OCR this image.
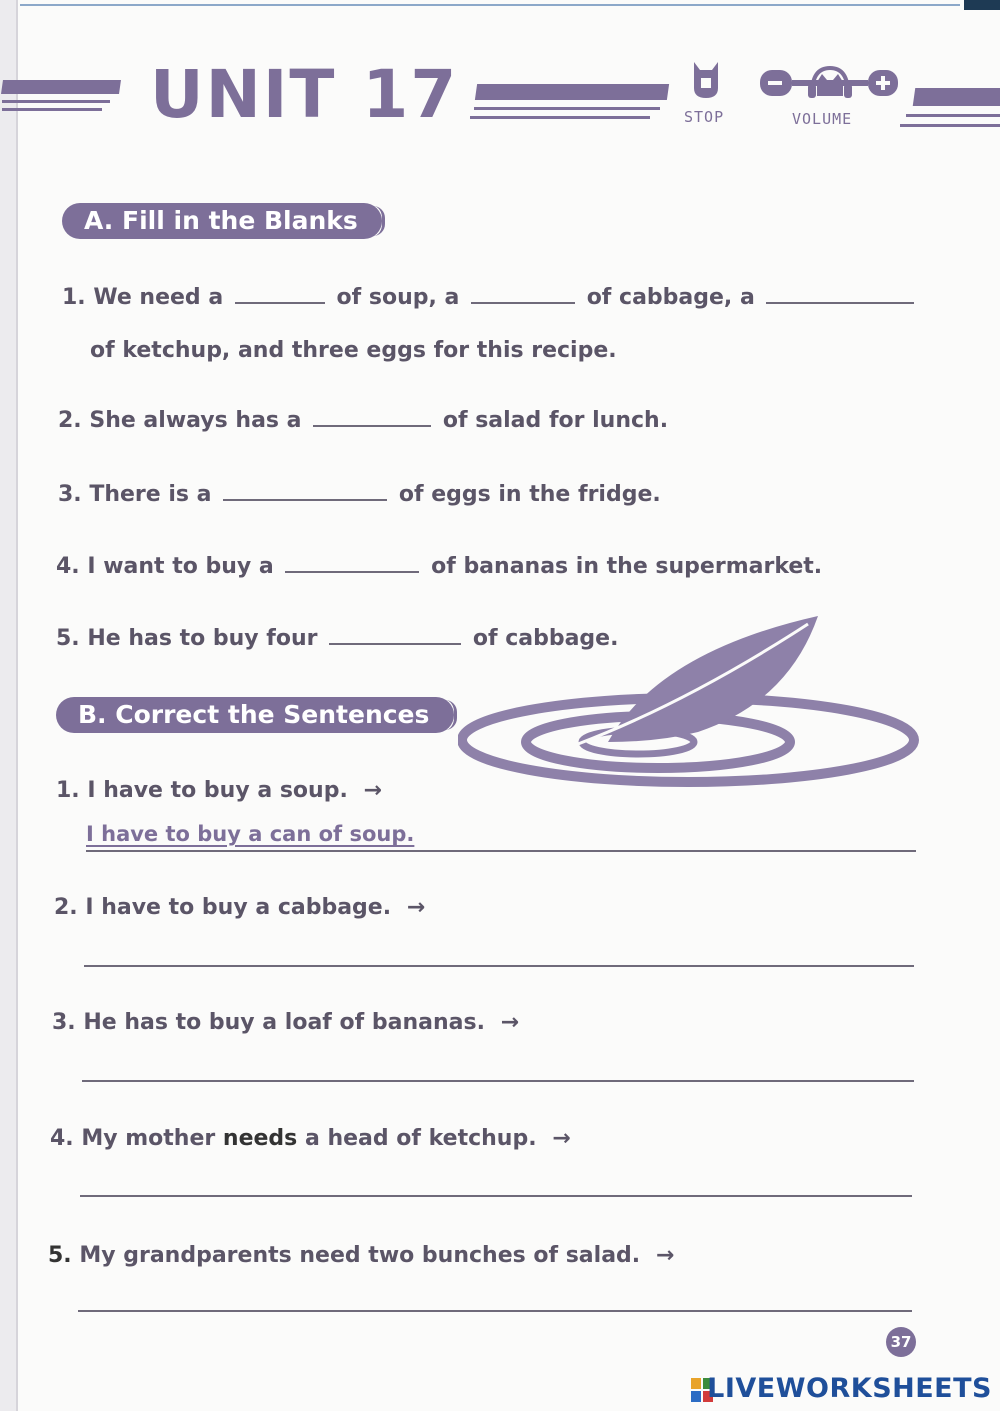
UNIT 17	STOP	VOLUME
A. Fill in the Blanks
1. We need a	of soup, a	of cabbage, a
of ketchup, and three eggs for this recipe.
2. She always has a	of salad for lunch.
3. There is a	of eggs in the fridge.
4. I want to buy a	of bananas in the supermarket.
5. He has to buy four	of cabbage.
B. Correct the Sentences
1. I have to buy a soup. →
I have to buy a can of soup.
2. I have to buy a cabbage. →
3. He has to buy a loaf of bananas. →
4. My mother needs a head of ketchup. →
5. My grandparents need two bunches of salad. →
37
LIVEWORKSHEETS
